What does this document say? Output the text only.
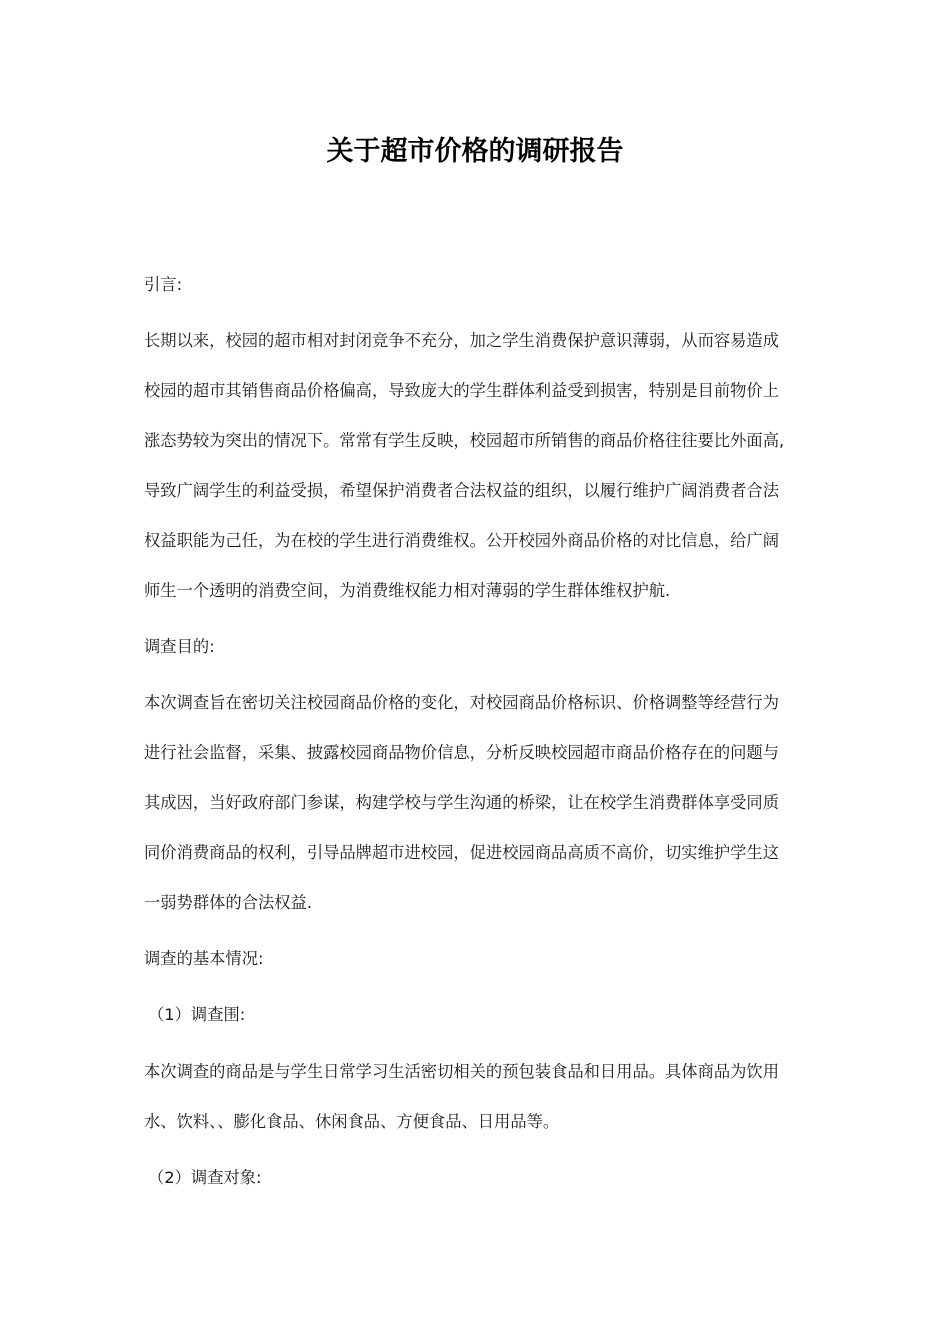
关于超市价格的调研报告
引言:
长期以来，校园的超市相对封闭竞争不充分，加之学生消费保护意识薄弱，从而容易造成
校园的超市其销售商品价格偏高，导致庞大的学生群体利益受到损害，特别是目前物价上
涨态势较为突出的情况下。常常有学生反映，校园超市所销售的商品价格往往要比外面高,
导致广阔学生的利益受损，希望保护消费者合法权益的组织，以履行维护广阔消费者合法
权益职能为己任，为在校的学生进行消费维权。公开校园外商品价格的对比信息，给广阔
师生一个透明的消费空间，为消费维权能力相对薄弱的学生群体维权护航.
调查目的:
本次调查旨在密切关注校园商品价格的变化，对校园商品价格标识、价格调整等经营行为
进行社会监督，采集、披露校园商品物价信息，分析反映校园超市商品价格存在的问题与
其成因，当好政府部门参谋，构建学校与学生沟通的桥梁，让在校学生消费群体享受同质
同价消费商品的权利，引导品牌超市进校园，促进校园商品高质不高价，切实维护学生这
一弱势群体的合法权益.
调查的基本情况:
（1）调查围:
本次调查的商品是与学生日常学习生活密切相关的预包装食品和日用品。具体商品为饮用
水、饮料、、膨化食品、休闲食品、方便食品、日用品等。
（2）调查对象:
